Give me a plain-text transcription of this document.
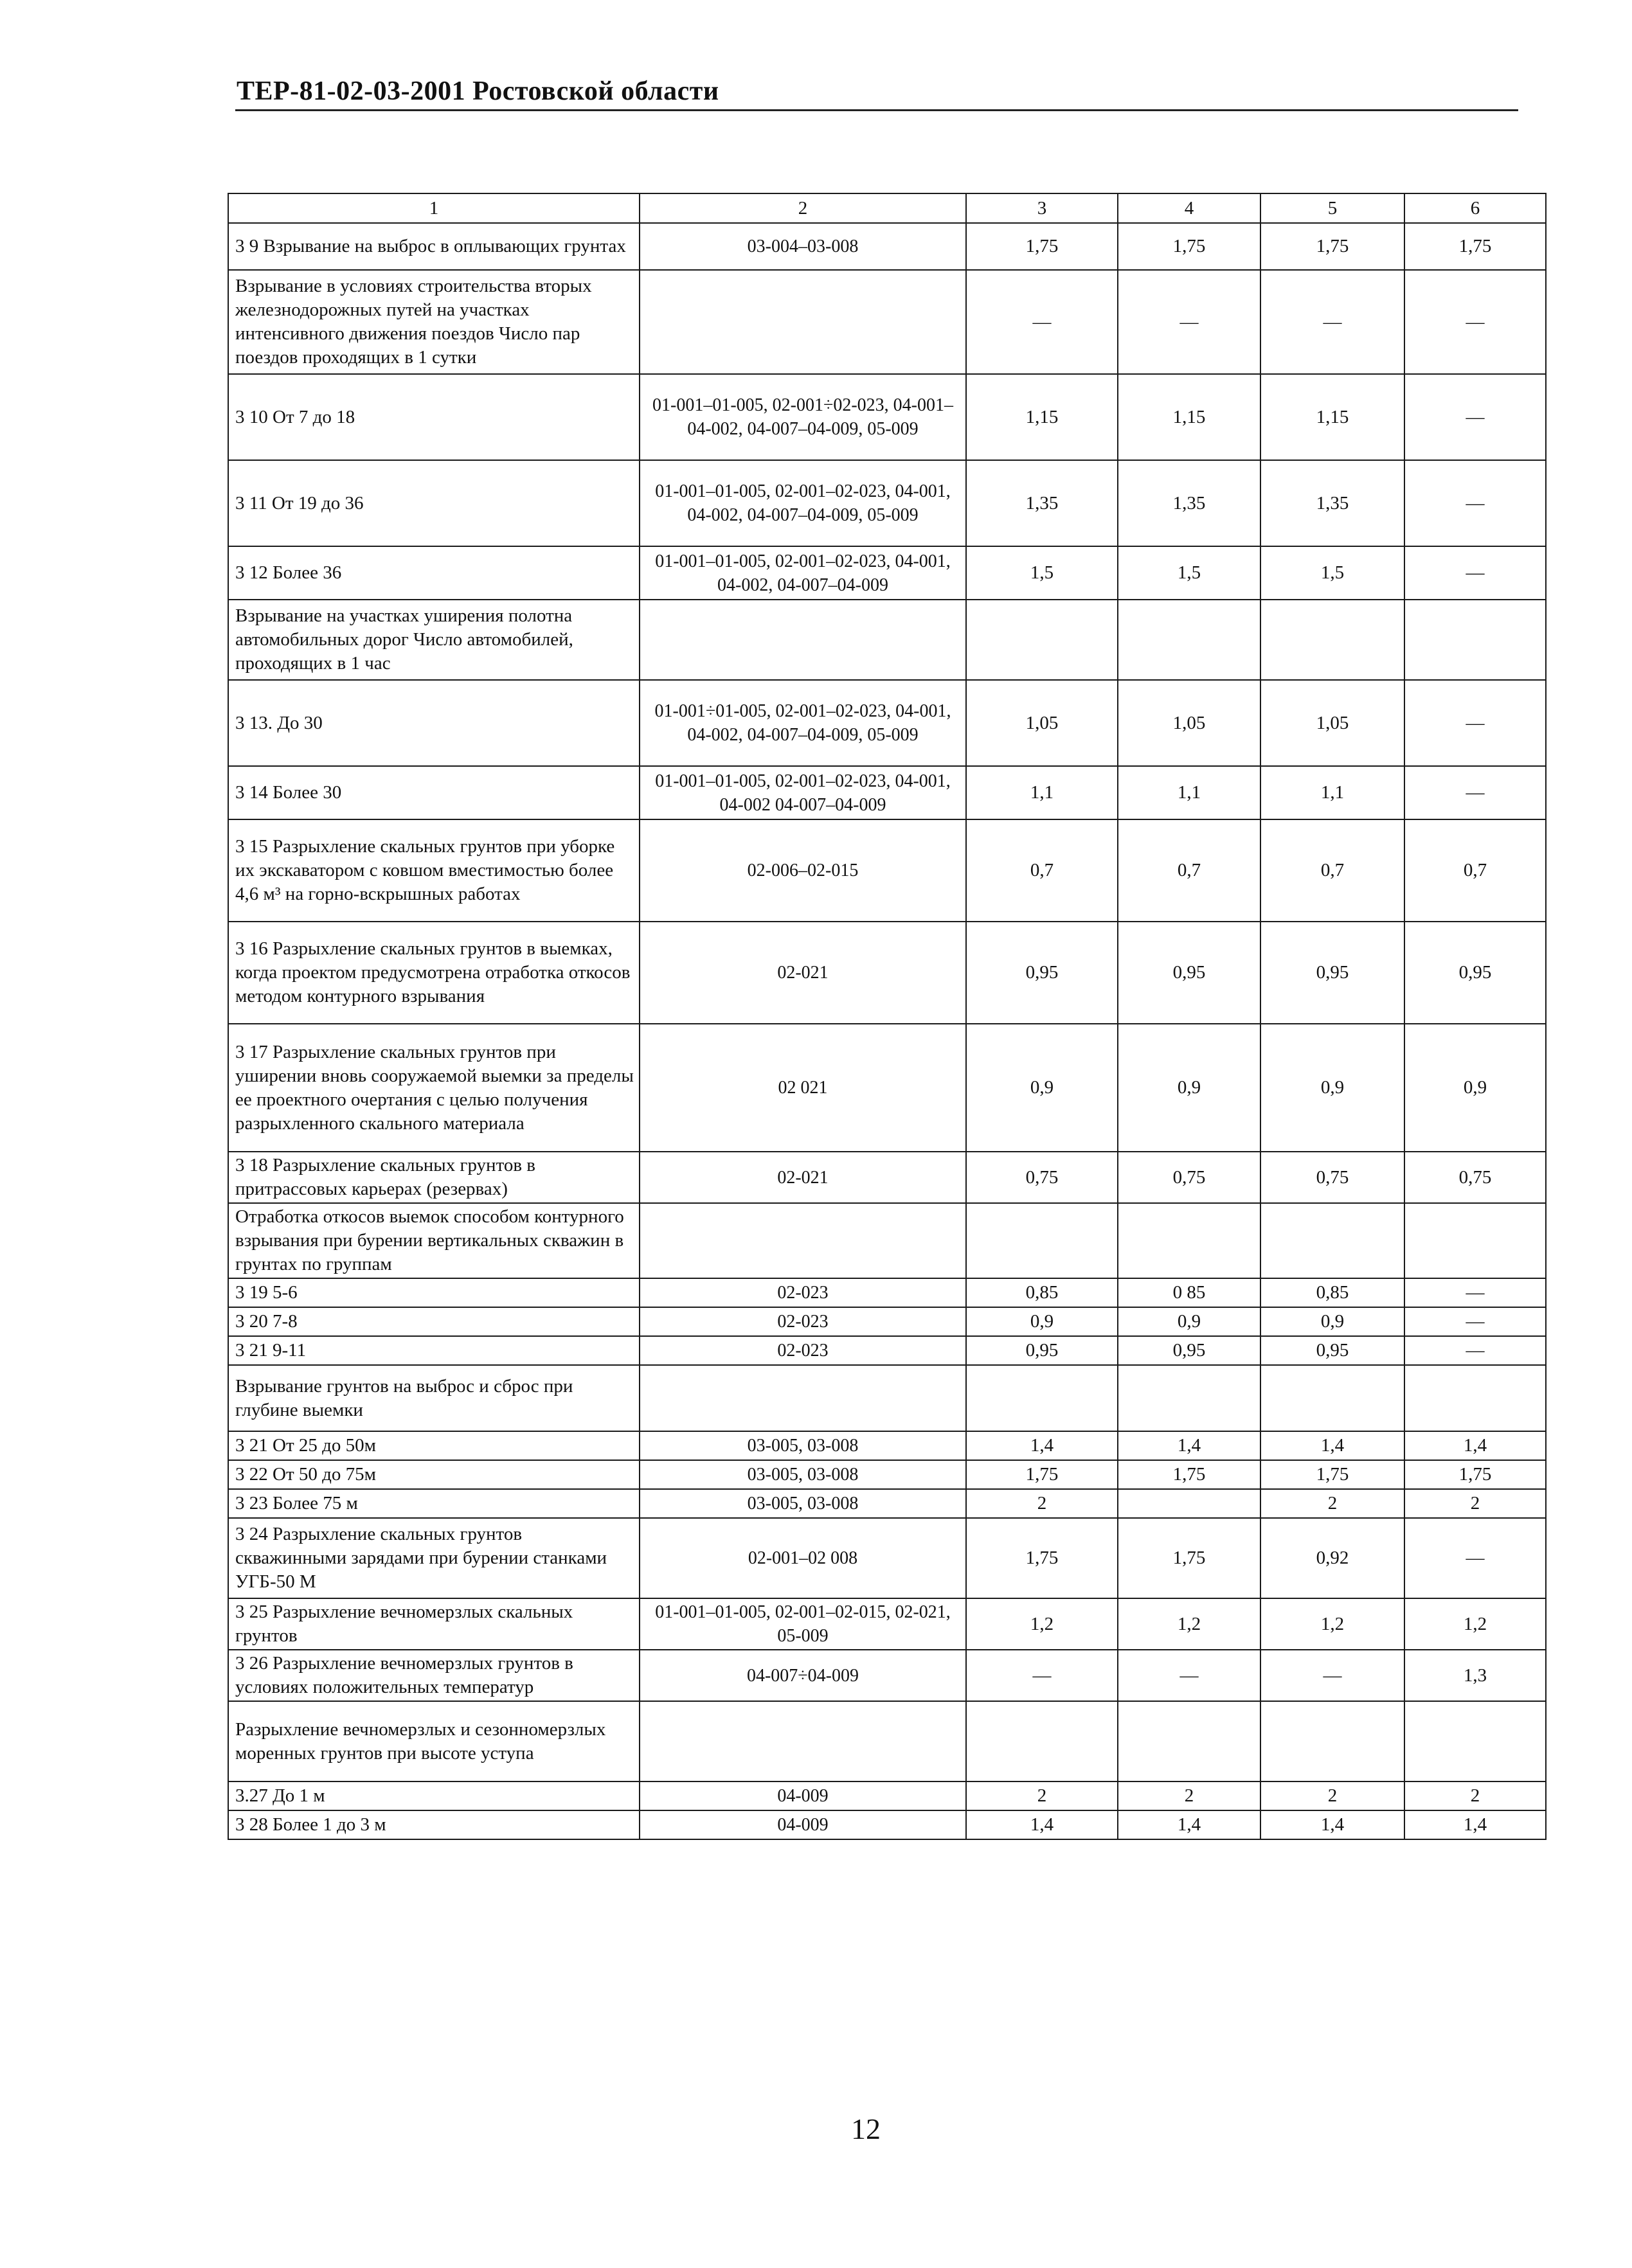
ТЕР-81-02-03-2001 Ростовской области
1	2	3	4	5	6
3 9 Взрывание на выброс в оплывающих грунтах	03-004–03-008	1,75	1,75	1,75	1,75
Взрывание в условиях строительства вторых железнодорожных путей на участках интенсивного движения поездов Число пар поездов проходящих в 1 сутки		—	—	—	—
3 10 От 7 до 18	01-001–01-005, 02-001÷02-023, 04-001–04-002, 04-007–04-009, 05-009	1,15	1,15	1,15	—
3 11 От 19 до 36	01-001–01-005, 02-001–02-023, 04-001, 04-002, 04-007–04-009, 05-009	1,35	1,35	1,35	—
3 12 Более 36	01-001–01-005, 02-001–02-023, 04-001, 04-002, 04-007–04-009	1,5	1,5	1,5	—
Взрывание на участках уширения полотна автомобильных дорог Число автомобилей, проходящих в 1 час					
3 13. До 30	01-001÷01-005, 02-001–02-023, 04-001, 04-002, 04-007–04-009, 05-009	1,05	1,05	1,05	—
3 14 Более 30	01-001–01-005, 02-001–02-023, 04-001, 04-002 04-007–04-009	1,1	1,1	1,1	—
3 15 Разрыхление скальных грунтов при уборке их экскаватором с ковшом вместимостью более 4,6 м³ на горно-вскрышных работах	02-006–02-015	0,7	0,7	0,7	0,7
3 16 Разрыхление скальных грунтов в выемках, когда проектом предусмотрена отработка откосов методом контурного взрывания	02-021	0,95	0,95	0,95	0,95
3 17 Разрыхление скальных грунтов при уширении вновь сооружаемой выемки за пределы ее проектного очертания с целью получения разрыхленного скального материала	02 021	0,9	0,9	0,9	0,9
3 18 Разрыхление скальных грунтов в притрассовых карьерах (резервах)	02-021	0,75	0,75	0,75	0,75
Отработка откосов выемок способом контурного взрывания при бурении вертикальных скважин в грунтах по группам					
3 19 5-6	02-023	0,85	0 85	0,85	—
3 20 7-8	02-023	0,9	0,9	0,9	—
3 21 9-11	02-023	0,95	0,95	0,95	—
Взрывание грунтов на выброс и сброс при глубине выемки					
3 21 От 25 до 50м	03-005, 03-008	1,4	1,4	1,4	1,4
3 22 От 50 до 75м	03-005, 03-008	1,75	1,75	1,75	1,75
3 23 Более 75 м	03-005, 03-008	2		2	2
3 24 Разрыхление скальных грунтов скважинными зарядами при бурении станками УГБ-50 М	02-001–02 008	1,75	1,75	0,92	—
3 25 Разрыхление вечномерзлых скальных грунтов	01-001–01-005, 02-001–02-015, 02-021, 05-009	1,2	1,2	1,2	1,2
3 26 Разрыхление вечномерзлых грунтов в условиях положительных температур	04-007÷04-009	—	—	—	1,3
Разрыхление вечномерзлых и сезонномерзлых моренных грунтов при высоте уступа					
3.27 До 1 м	04-009	2	2	2	2
3 28 Более 1 до 3 м	04-009	1,4	1,4	1,4	1,4
12
